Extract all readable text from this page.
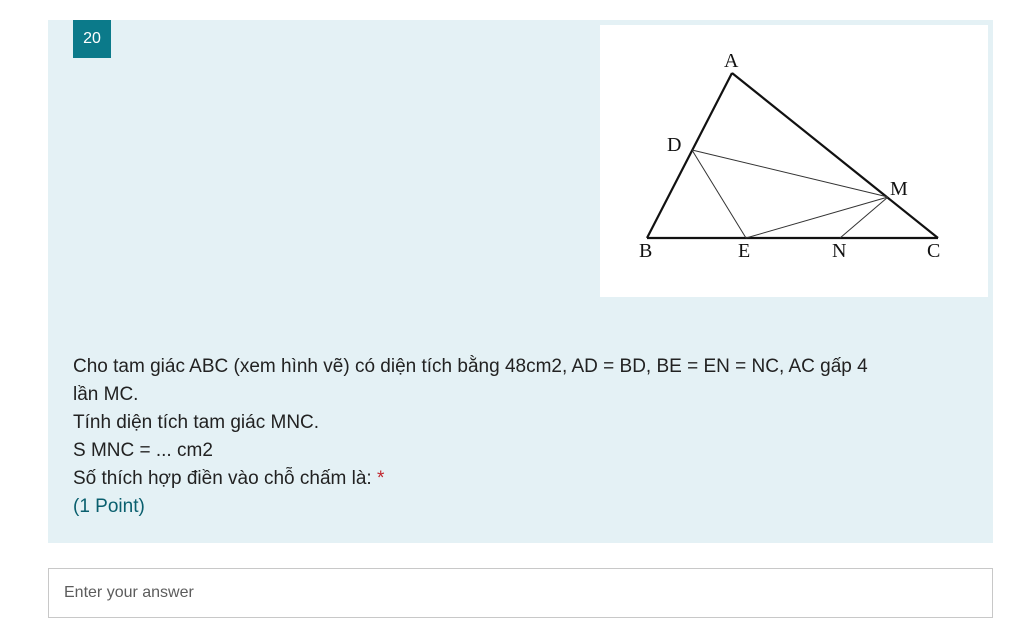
20
A
D
M
B	E	N	C
Cho tam giác ABC (xem hình vẽ) có diện tích bằng 48cm2, AD = BD, BE = EN = NC, AC gấp 4
lần MC.
Tính diện tích tam giác MNC.
S MNC = ... cm2
Số thích hợp điền vào chỗ chấm là: *
(1 Point)
Enter your answer
